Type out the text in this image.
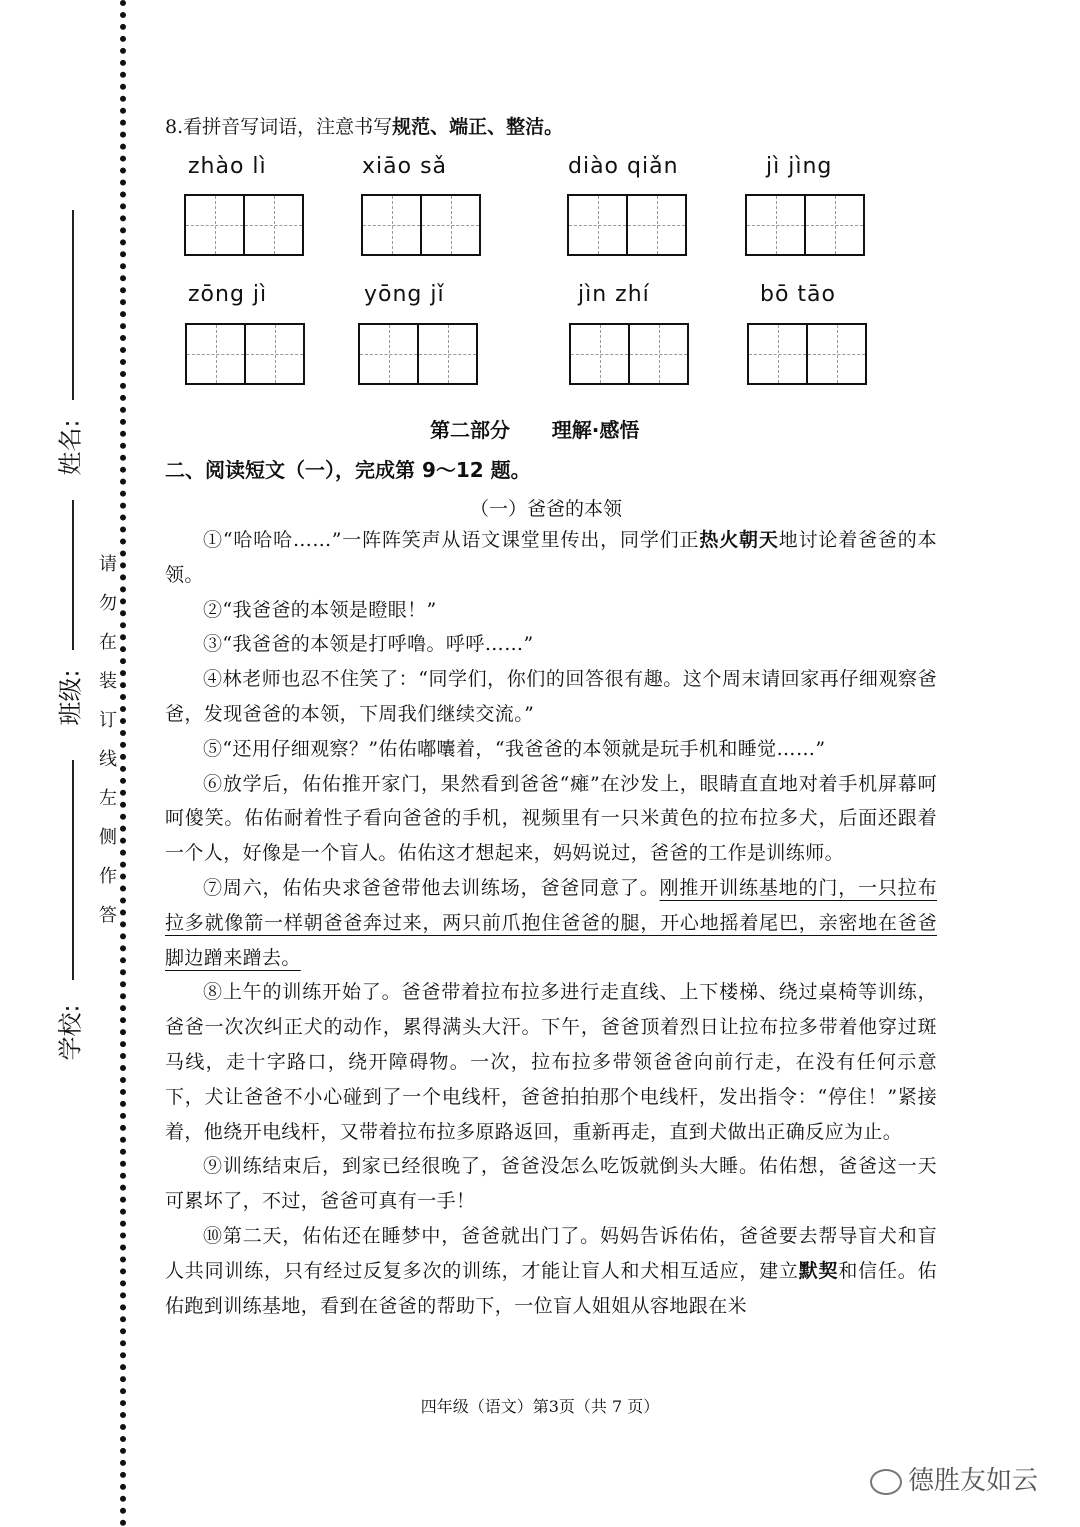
姓名:
班级:
学校:
请
勿
在
装
订
线
左
侧
作
答
8.看拼音写词语，注意书写规范、端正、整洁。
zhào lì	xiāo sǎ	diào qiǎn	jì jìng
zōng jì	yōng jǐ	jìn zhí	bō tāo
第二部分      理解·感悟
二、阅读短文（一），完成第 9～12 题。
（一）爸爸的本领

①“哈哈哈……”一阵阵笑声从语文课堂里传出，同学们正热火朝天地讨论着爸爸的本领。

②“我爸爸的本领是瞪眼！”

③“我爸爸的本领是打呼噜。呼呼……”

④林老师也忍不住笑了：“同学们，你们的回答很有趣。这个周末请回家再仔细观察爸爸，发现爸爸的本领，下周我们继续交流。”

⑤“还用仔细观察？”佑佑嘟囔着，“我爸爸的本领就是玩手机和睡觉……”

⑥放学后，佑佑推开家门，果然看到爸爸“瘫”在沙发上，眼睛直直地对着手机屏幕呵呵傻笑。佑佑耐着性子看向爸爸的手机，视频里有一只米黄色的拉布拉多犬，后面还跟着一个人，好像是一个盲人。佑佑这才想起来，妈妈说过，爸爸的工作是训练师。

⑦周六，佑佑央求爸爸带他去训练场，爸爸同意了。刚推开训练基地的门，一只拉布拉多就像箭一样朝爸爸奔过来，两只前爪抱住爸爸的腿，开心地摇着尾巴，亲密地在爸爸脚边蹭来蹭去。

⑧上午的训练开始了。爸爸带着拉布拉多进行走直线、上下楼梯、绕过桌椅等训练，爸爸一次次纠正犬的动作，累得满头大汗。下午，爸爸顶着烈日让拉布拉多带着他穿过斑马线，走十字路口，绕开障碍物。一次，拉布拉多带领爸爸向前行走，在没有任何示意下，犬让爸爸不小心碰到了一个电线杆，爸爸拍拍那个电线杆，发出指令：“停住！”紧接着，他绕开电线杆，又带着拉布拉多原路返回，重新再走，直到犬做出正确反应为止。

⑨训练结束后，到家已经很晚了，爸爸没怎么吃饭就倒头大睡。佑佑想，爸爸这一天可累坏了，不过，爸爸可真有一手！

⑩第二天，佑佑还在睡梦中，爸爸就出门了。妈妈告诉佑佑，爸爸要去帮导盲犬和盲人共同训练，只有经过反复多次的训练，才能让盲人和犬相互适应，建立默契和信任。佑佑跑到训练基地，看到在爸爸的帮助下，一位盲人姐姐从容地跟在米

四年级（语文）第3页（共 7 页）
德胜友如云
